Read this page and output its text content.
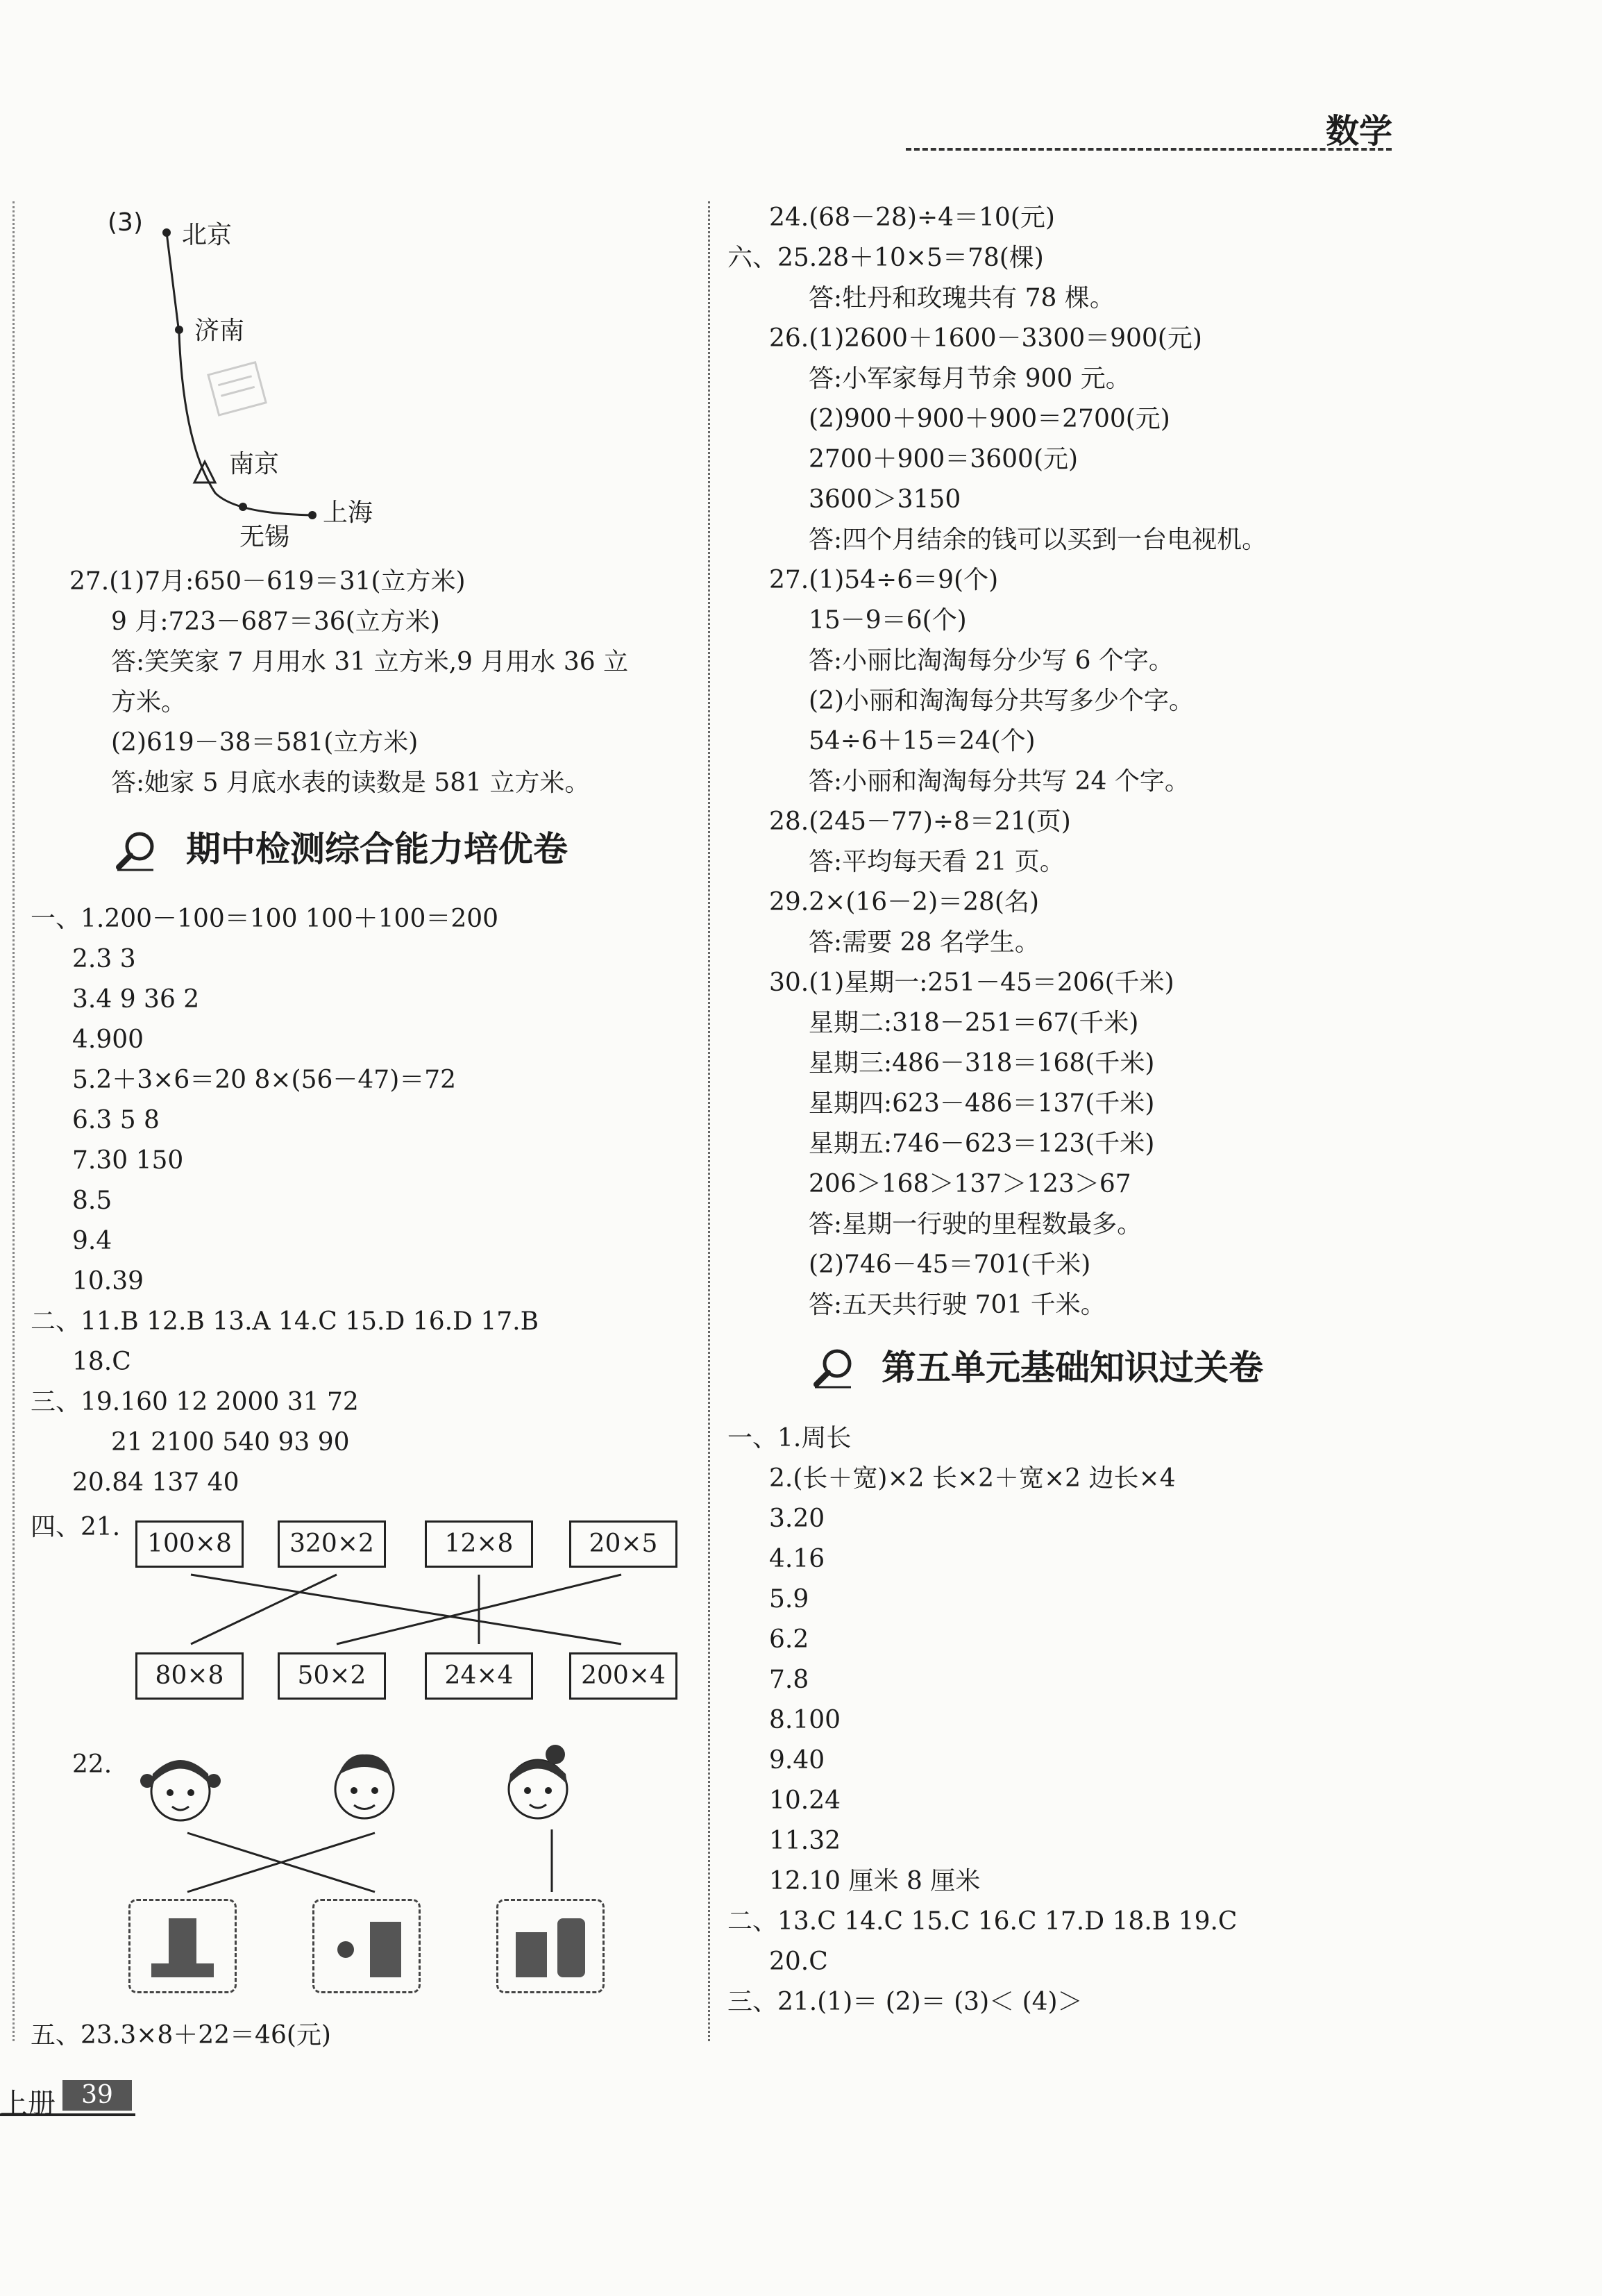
数学
(3) 北京
济南
南京
上海
无锡
27.(1)7月:650－619＝31(立方米)
9 月:723－687＝36(立方米)
答:笑笑家 7 月用水 31 立方米,9 月用水 36 立
方米。
(2)619－38＝581(立方米)
答:她家 5 月底水表的读数是 581 立方米。
期中检测综合能力培优卷
一、1.200－100＝100 100＋100＝200
2.3 3
3.4 9 36 2
4.900
5.2＋3×6＝20 8×(56－47)＝72
6.3 5 8
7.30 150
8.5
9.4
10.39
二、11.B 12.B 13.A 14.C 15.D 16.D 17.B
18.C
三、19.160 12 2000 31 72
21 2100 540 93 90
20.84 137 40
四、21.
100×8	320×2	12×8	20×5
80×8	50×2	24×4	200×4
22.
五、23.3×8＋22＝46(元)
24.(68－28)÷4＝10(元)
六、25.28＋10×5＝78(棵)
答:牡丹和玫瑰共有 78 棵。
26.(1)2600＋1600－3300＝900(元)
答:小军家每月节余 900 元。
(2)900＋900＋900＝2700(元)
2700＋900＝3600(元)
3600＞3150
答:四个月结余的钱可以买到一台电视机。
27.(1)54÷6＝9(个)
15－9＝6(个)
答:小丽比淘淘每分少写 6 个字。
(2)小丽和淘淘每分共写多少个字。
54÷6＋15＝24(个)
答:小丽和淘淘每分共写 24 个字。
28.(245－77)÷8＝21(页)
答:平均每天看 21 页。
29.2×(16－2)＝28(名)
答:需要 28 名学生。
30.(1)星期一:251－45＝206(千米)
星期二:318－251＝67(千米)
星期三:486－318＝168(千米)
星期四:623－486＝137(千米)
星期五:746－623＝123(千米)
206＞168＞137＞123＞67
答:星期一行驶的里程数最多。
(2)746－45＝701(千米)
答:五天共行驶 701 千米。
第五单元基础知识过关卷
一、1.周长
2.(长＋宽)×2 长×2＋宽×2 边长×4
3.20
4.16
5.9
6.2
7.8
8.100
9.40
10.24
11.32
12.10 厘米 8 厘米
二、13.C 14.C 15.C 16.C 17.D 18.B 19.C
20.C
三、21.(1)＝ (2)＝ (3)＜ (4)＞
上册	39
